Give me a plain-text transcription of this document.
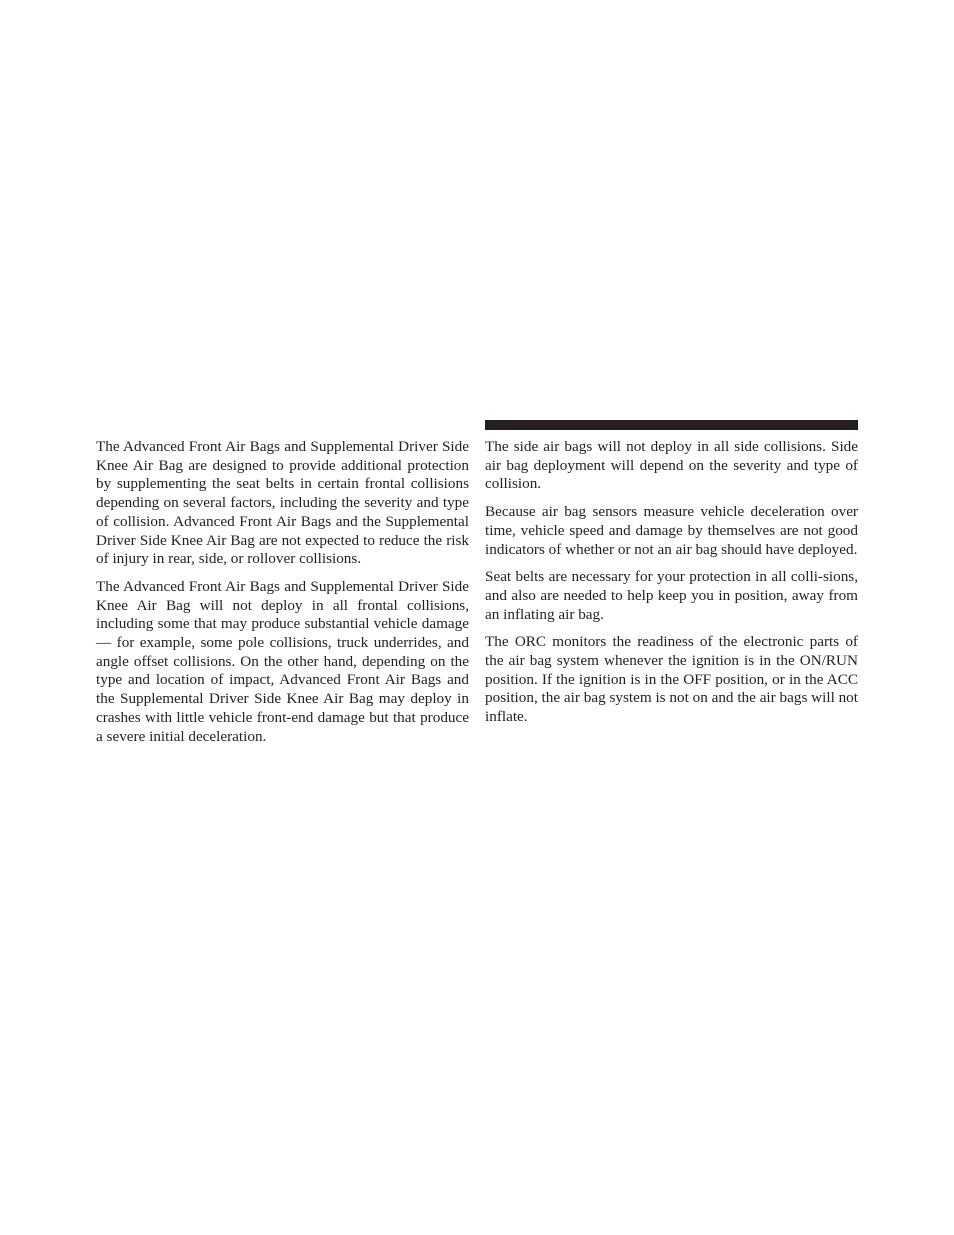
The Advanced Front Air Bags and Supplemental Driver Side Knee Air Bag are designed to provide additional protection by supplementing the seat belts in certain frontal collisions depending on several factors, including the severity and type of collision. Advanced Front Air Bags and the Supplemental Driver Side Knee Air Bag are not expected to reduce the risk of injury in rear, side, or rollover collisions.

The Advanced Front Air Bags and Supplemental Driver Side Knee Air Bag will not deploy in all frontal collisions, including some that may produce substantial vehicle damage — for example, some pole collisions, truck underrides, and angle offset collisions. On the other hand, depending on the type and location of impact, Advanced Front Air Bags and the Supplemental Driver Side Knee Air Bag may deploy in crashes with little vehicle front-end damage but that produce a severe initial deceleration.

The side air bags will not deploy in all side collisions. Side air bag deployment will depend on the severity and type of collision.

Because air bag sensors measure vehicle deceleration over time, vehicle speed and damage by themselves are not good indicators of whether or not an air bag should have deployed.

Seat belts are necessary for your protection in all colli-sions, and also are needed to help keep you in position, away from an inflating air bag.

The ORC monitors the readiness of the electronic parts of the air bag system whenever the ignition is in the ON/RUN position. If the ignition is in the OFF position, or in the ACC position, the air bag system is not on and the air bags will not inflate.
